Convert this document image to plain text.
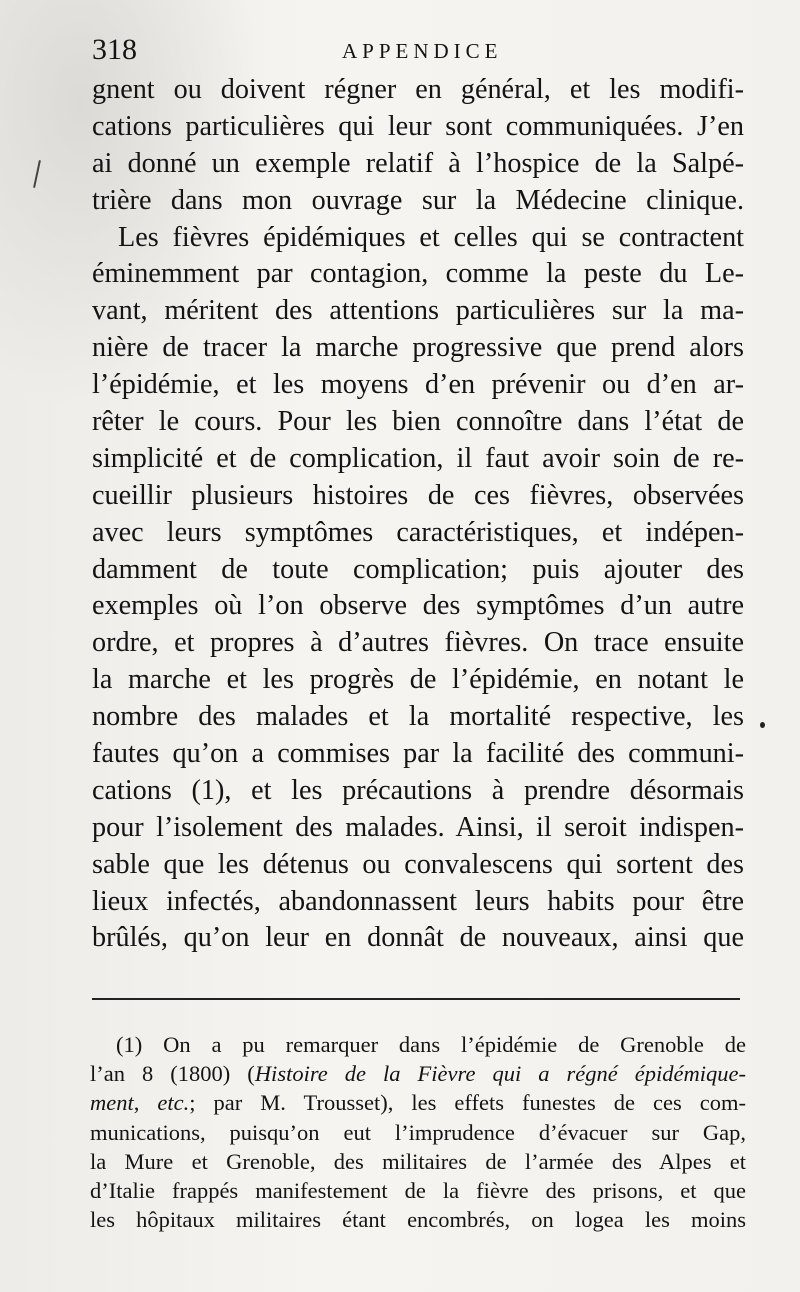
318	APPENDICE
gnent ou doivent régner en général, et les modifi-
cations particulières qui leur sont communiquées. J’en
ai donné un exemple relatif à l’hospice de la Salpé-
trière dans mon ouvrage sur la Médecine clinique.
Les fièvres épidémiques et celles qui se contractent
éminemment par contagion, comme la peste du Le-
vant, méritent des attentions particulières sur la ma-
nière de tracer la marche progressive que prend alors
l’épidémie, et les moyens d’en prévenir ou d’en ar-
rêter le cours. Pour les bien connoître dans l’état de
simplicité et de complication, il faut avoir soin de re-
cueillir plusieurs histoires de ces fièvres, observées
avec leurs symptômes caractéristiques, et indépen-
damment de toute complication; puis ajouter des
exemples où l’on observe des symptômes d’un autre
ordre, et propres à d’autres fièvres. On trace ensuite
la marche et les progrès de l’épidémie, en notant le
nombre des malades et la mortalité respective, les
fautes qu’on a commises par la facilité des communi-
cations (1), et les précautions à prendre désormais
pour l’isolement des malades. Ainsi, il seroit indispen-
sable que les détenus ou convalescens qui sortent des
lieux infectés, abandonnassent leurs habits pour être
brûlés, qu’on leur en donnât de nouveaux, ainsi que
(1) On a pu remarquer dans l’épidémie de Grenoble de
l’an 8 (1800) (Histoire de la Fièvre qui a régné épidémique-
ment, etc.; par M. Trousset), les effets funestes de ces com-
munications, puisqu’on eut l’imprudence d’évacuer sur Gap,
la Mure et Grenoble, des militaires de l’armée des Alpes et
d’Italie frappés manifestement de la fièvre des prisons, et que
les hôpitaux militaires étant encombrés, on logea les moins
